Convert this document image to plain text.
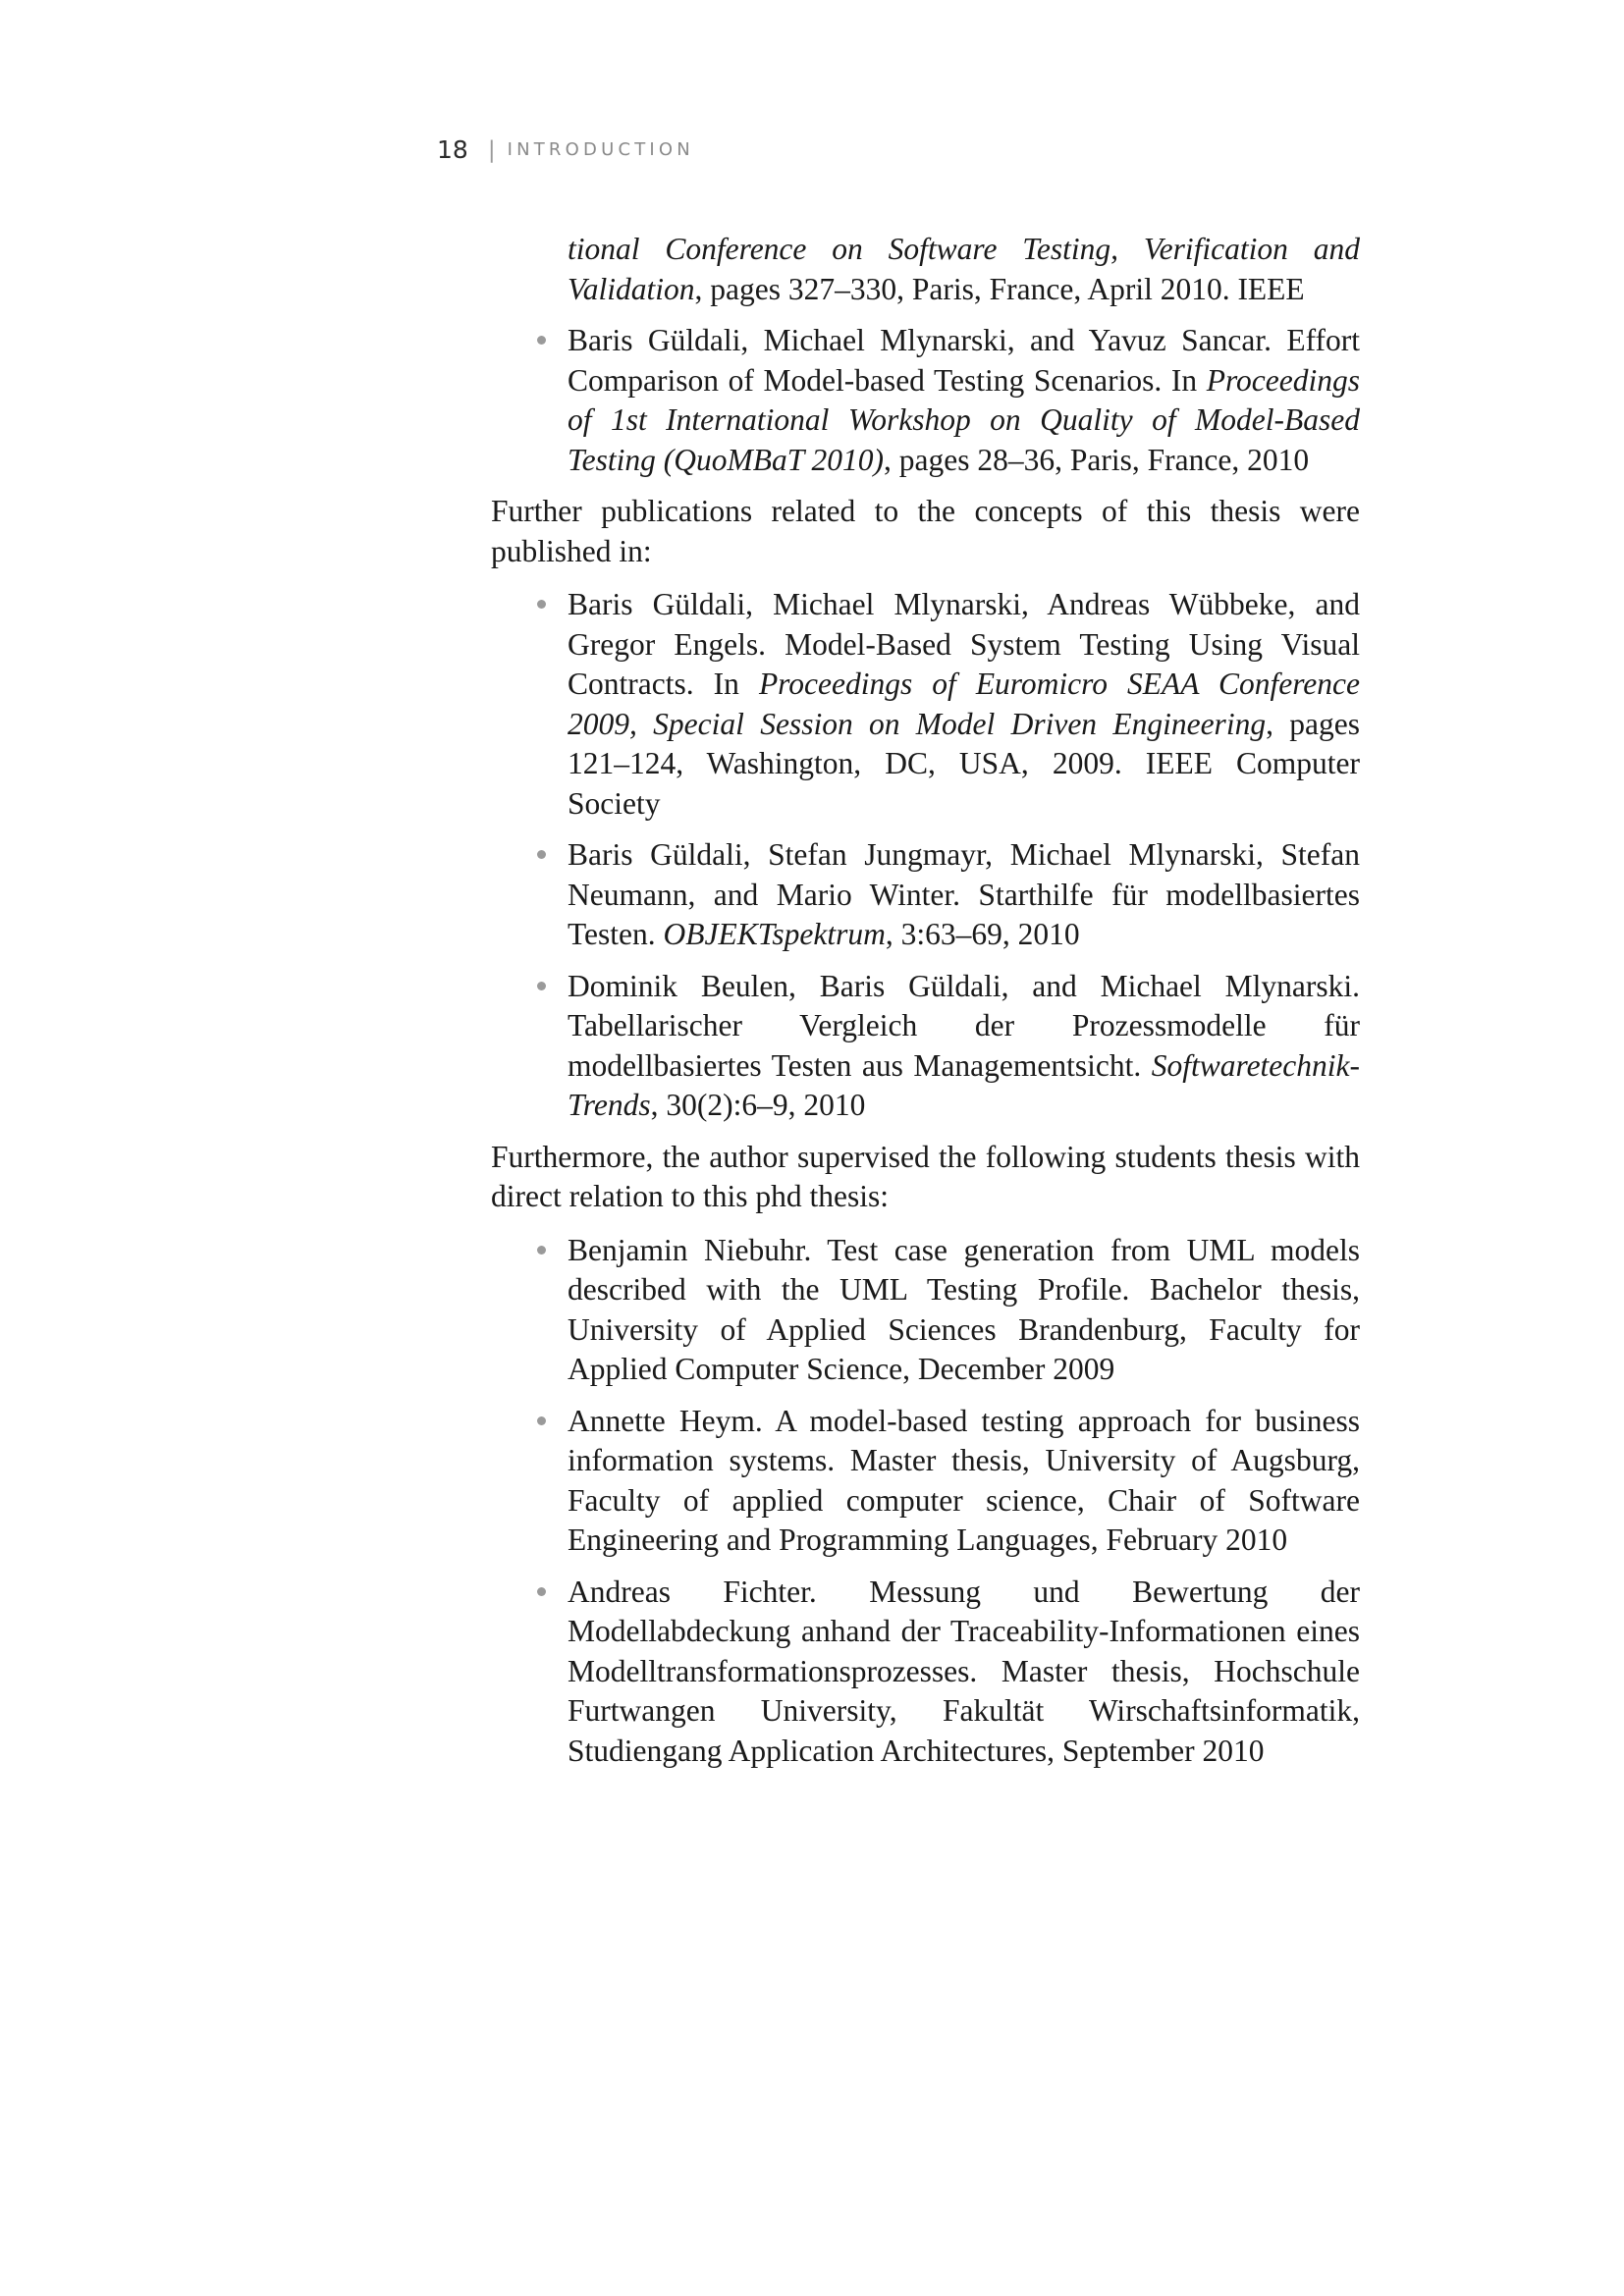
18 | INTRODUCTION

tional Conference on Software Testing, Verification and Validation, pages 327–330, Paris, France, April 2010. IEEE

Baris Güldali, Michael Mlynarski, and Yavuz Sancar. Effort Comparison of Model-based Testing Scenarios. In Proceedings of 1st International Workshop on Quality of Model-Based Testing (QuoMBaT 2010), pages 28–36, Paris, France, 2010

Further publications related to the concepts of this thesis were published in:

Baris Güldali, Michael Mlynarski, Andreas Wübbeke, and Gregor Engels. Model-Based System Testing Using Visual Contracts. In Proceedings of Euromicro SEAA Conference 2009, Special Session on Model Driven Engineering, pages 121–124, Washington, DC, USA, 2009. IEEE Computer Society
Baris Güldali, Stefan Jungmayr, Michael Mlynarski, Stefan Neumann, and Mario Winter. Starthilfe für modellbasiertes Testen. OBJEKTspektrum, 3:63–69, 2010
Dominik Beulen, Baris Güldali, and Michael Mlynarski. Tabellarischer Vergleich der Prozessmodelle für modellbasiertes Testen aus Managementsicht. Softwaretechnik-Trends, 30(2):6–9, 2010

Furthermore, the author supervised the following students thesis with direct relation to this phd thesis:

Benjamin Niebuhr. Test case generation from UML models described with the UML Testing Profile. Bachelor thesis, University of Applied Sciences Brandenburg, Faculty for Applied Computer Science, December 2009
Annette Heym. A model-based testing approach for business information systems. Master thesis, University of Augsburg, Faculty of applied computer science, Chair of Software Engineering and Programming Languages, February 2010
Andreas Fichter. Messung und Bewertung der Modellabdeckung anhand der Traceability-Informationen eines Modelltransformationsprozesses. Master thesis, Hochschule Furtwangen University, Fakultät Wirschaftsinformatik, Studiengang Application Architectures, September 2010
